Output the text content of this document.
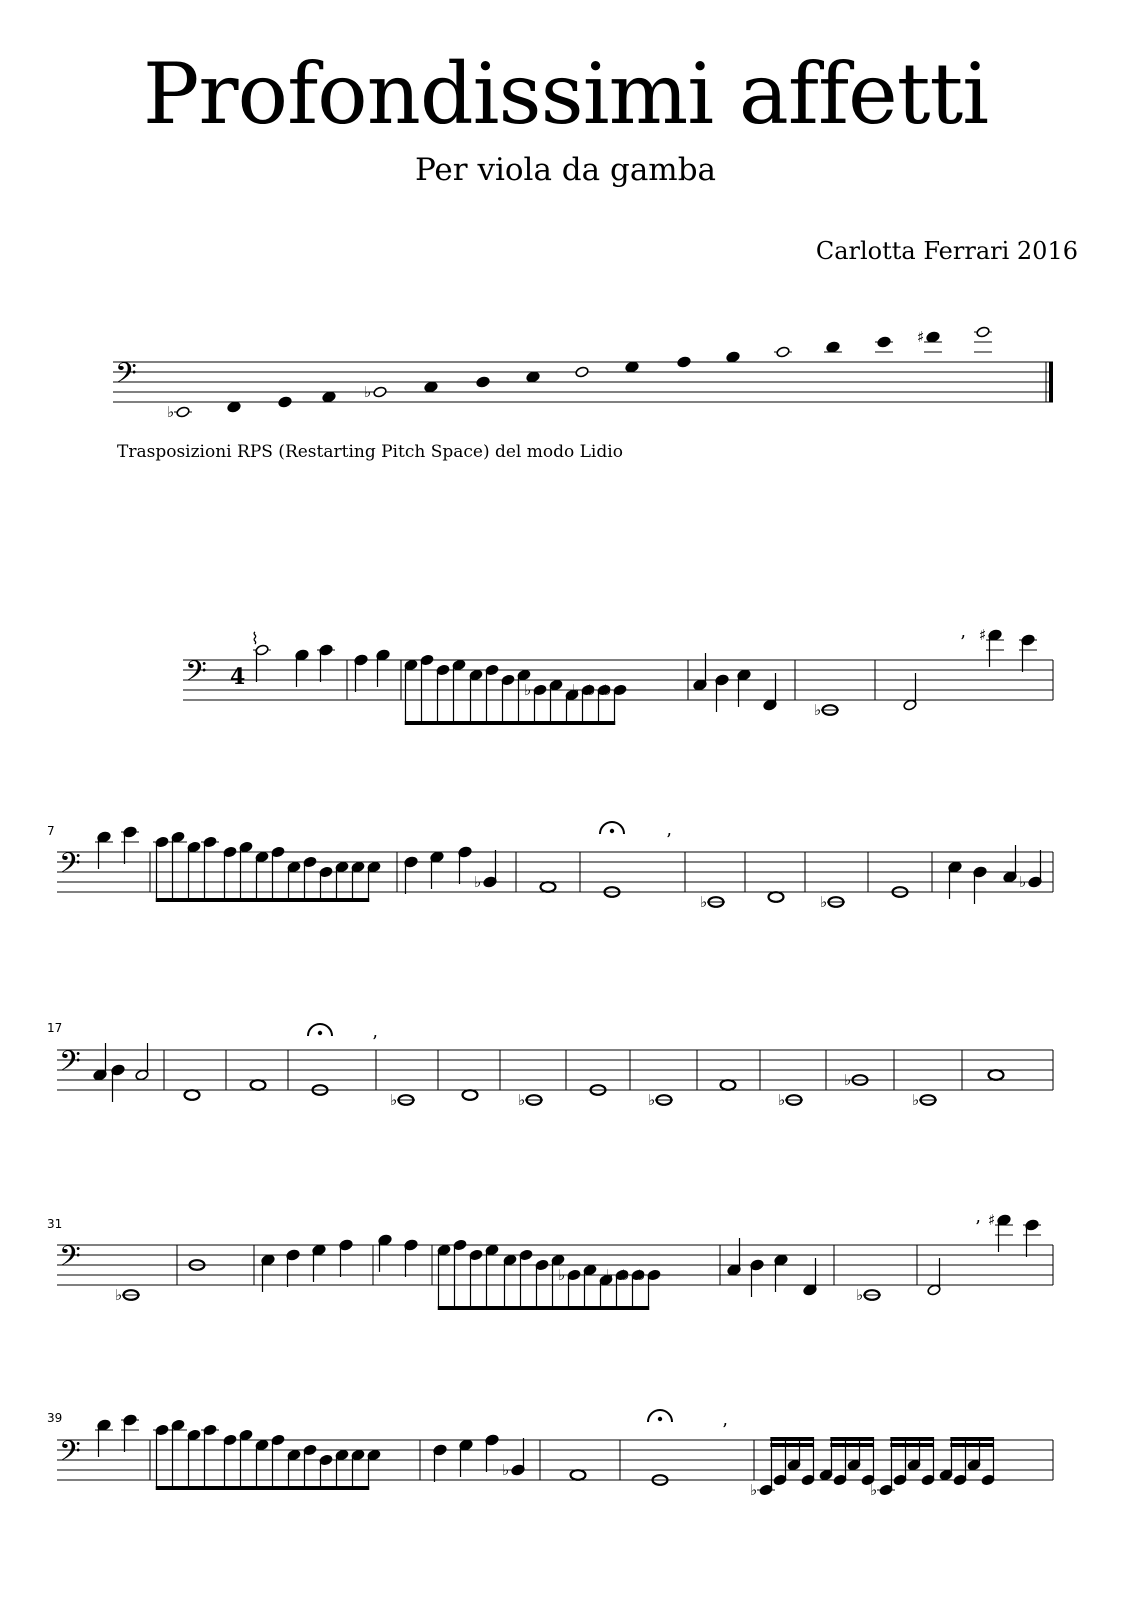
Profondissimi affetti
Per viola da gamba
Carlotta Ferrari 2016
Trasposizioni RPS (Restarting Pitch Space) del modo Lidio
7
17
31
39
𝄢
♭
♭
♯
𝄢 4
⌇
♭	♭ ♭ ♭
♭
’ ♯
𝄢	♭
’
♭	♭
♭
𝄢
’
♭	♭	♭	♭
♭
♭
𝄢
♭
♭	♭ ♭ ♭
♭
’ ♯
𝄢	♭
’
♭	♭
